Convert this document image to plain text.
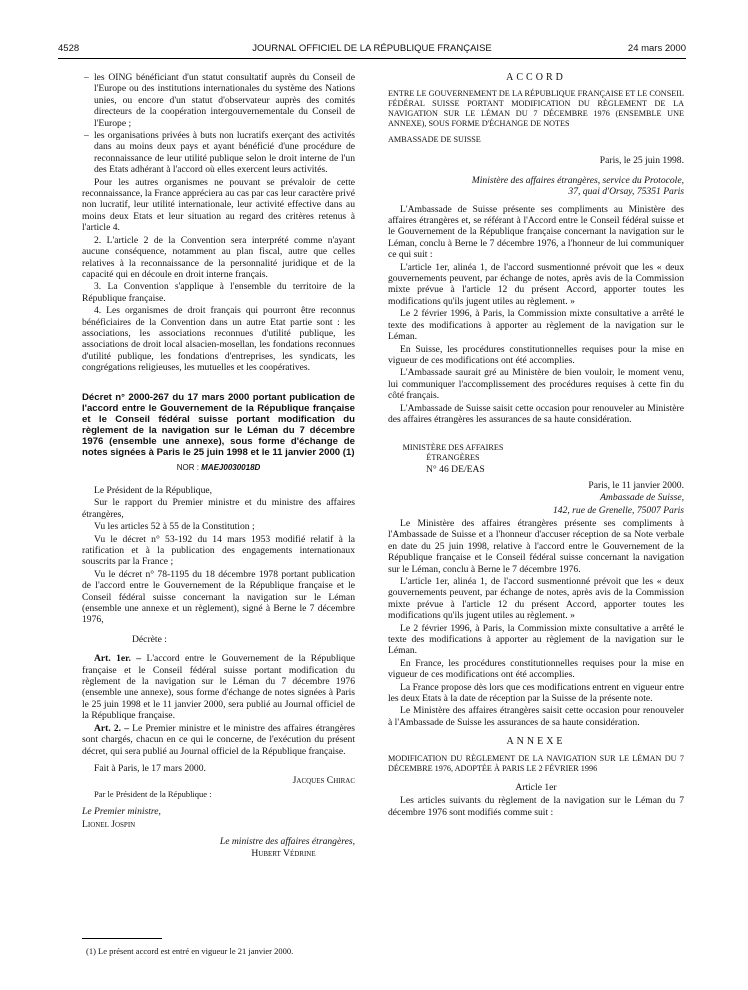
4528	JOURNAL OFFICIEL DE LA RÉPUBLIQUE FRANÇAISE	24 mars 2000

– les OING bénéficiant d'un statut consultatif auprès du Conseil de l'Europe ou des institutions internationales du système des Nations unies, ou encore d'un statut d'observateur auprès des comités directeurs de la coopération intergouvernementale du Conseil de l'Europe ;

– les organisations privées à buts non lucratifs exerçant des activités dans au moins deux pays et ayant bénéficié d'une procédure de reconnaissance de leur utilité publique selon le droit interne de l'un des Etats adhérant à l'accord où elles exercent leurs activités.

Pour les autres organismes ne pouvant se prévaloir de cette reconnaissance, la France appréciera au cas par cas leur caractère privé non lucratif, leur utilité internationale, leur activité effective dans au moins deux Etats et leur situation au regard des critères retenus à l'article 4.

2. L'article 2 de la Convention sera interprété comme n'ayant aucune conséquence, notamment au plan fiscal, autre que celles relatives à la reconnaissance de la personnalité juridique et de la capacité qui en découle en droit interne français.

3. La Convention s'applique à l'ensemble du territoire de la République française.

4. Les organismes de droit français qui pourront être reconnus bénéficiaires de la Convention dans un autre Etat partie sont : les associations, les associations reconnues d'utilité publique, les associations de droit local alsacien-mosellan, les fondations reconnues d'utilité publique, les fondations d'entreprises, les syndicats, les congrégations religieuses, les mutuelles et les coopératives.

Décret n° 2000-267 du 17 mars 2000 portant publication de l'accord entre le Gouvernement de la République française et le Conseil fédéral suisse portant modification du règlement de la navigation sur le Léman du 7 décembre 1976 (ensemble une annexe), sous forme d'échange de notes signées à Paris le 25 juin 1998 et le 11 janvier 2000 (1)
NOR : MAEJ0030018D

Le Président de la République,

Sur le rapport du Premier ministre et du ministre des affaires étrangères,

Vu les articles 52 à 55 de la Constitution ;

Vu le décret n° 53-192 du 14 mars 1953 modifié relatif à la ratification et à la publication des engagements internationaux souscrits par la France ;

Vu le décret n° 78-1195 du 18 décembre 1978 portant publication de l'accord entre le Gouvernement de la République française et le Conseil fédéral suisse concernant la navigation sur le Léman (ensemble une annexe et un règlement), signé à Berne le 7 décembre 1976,

Décrète :

Art. 1er. – L'accord entre le Gouvernement de la République française et le Conseil fédéral suisse portant modification du règlement de la navigation sur le Léman du 7 décembre 1976 (ensemble une annexe), sous forme d'échange de notes signées à Paris le 25 juin 1998 et le 11 janvier 2000, sera publié au Journal officiel de la République française.

Art. 2. – Le Premier ministre et le ministre des affaires étrangères sont chargés, chacun en ce qui le concerne, de l'exécution du présent décret, qui sera publié au Journal officiel de la République française.

Fait à Paris, le 17 mars 2000.

Jacques Chirac

Par le Président de la République :

Le Premier ministre,

Lionel Jospin

Le ministre des affaires étrangères,

Hubert Védrine

(1) Le présent accord est entré en vigueur le 21 janvier 2000.

ACCORD

ENTRE LE GOUVERNEMENT DE LA RÉPUBLIQUE FRANÇAISE ET LE CONSEIL FÉDÉRAL SUISSE PORTANT MODIFICATION DU RÈGLEMENT DE LA NAVIGATION SUR LE LÉMAN DU 7 DÉCEMBRE 1976 (ENSEMBLE UNE ANNEXE), SOUS FORME D'ÉCHANGE DE NOTES

AMBASSADE DE SUISSE

Paris, le 25 juin 1998.

Ministère des affaires étrangères, service du Protocole, 37, quai d'Orsay, 75351 Paris

L'Ambassade de Suisse présente ses compliments au Ministère des affaires étrangères et, se référant à l'Accord entre le Conseil fédéral suisse et le Gouvernement de la République française concernant la navigation sur le Léman, conclu à Berne le 7 décembre 1976, a l'honneur de lui communiquer ce qui suit :

L'article 1er, alinéa 1, de l'accord susmentionné prévoit que les « deux gouvernements peuvent, par échange de notes, après avis de la Commission mixte prévue à l'article 12 du présent Accord, apporter toutes les modifications qu'ils jugent utiles au règlement. »

Le 2 février 1996, à Paris, la Commission mixte consultative a arrêté le texte des modifications à apporter au règlement de la navigation sur le Léman.

En Suisse, les procédures constitutionnelles requises pour la mise en vigueur de ces modifications ont été accomplies.

L'Ambassade saurait gré au Ministère de bien vouloir, le moment venu, lui communiquer l'accomplissement des procédures requises à cette fin du côté français.

L'Ambassade de Suisse saisit cette occasion pour renouveler au Ministère des affaires étrangères les assurances de sa haute considération.

MINISTÈRE DES AFFAIRES ÉTRANGÈRES

N° 46 DE/EAS

Paris, le 11 janvier 2000.

Ambassade de Suisse,

142, rue de Grenelle, 75007 Paris

Le Ministère des affaires étrangères présente ses compliments à l'Ambassade de Suisse et a l'honneur d'accuser réception de sa Note verbale en date du 25 juin 1998, relative à l'accord entre le Gouvernement de la République française et le Conseil fédéral suisse concernant la navigation sur le Léman, conclu à Berne le 7 décembre 1976.

L'article 1er, alinéa 1, de l'accord susmentionné prévoit que les « deux gouvernements peuvent, par échange de notes, après avis de la Commission mixte prévue à l'article 12 du présent Accord, apporter toutes les modifications qu'ils jugent utiles au règlement. »

Le 2 février 1996, à Paris, la Commission mixte consultative a arrêté le texte des modifications à apporter au règlement de la navigation sur le Léman.

En France, les procédures constitutionnelles requises pour la mise en vigueur de ces modifications ont été accomplies.

La France propose dès lors que ces modifications entrent en vigueur entre les deux Etats à la date de réception par la Suisse de la présente note.

Le Ministère des affaires étrangères saisit cette occasion pour renouveler à l'Ambassade de Suisse les assurances de sa haute considération.

ANNEXE

MODIFICATION DU RÈGLEMENT DE LA NAVIGATION SUR LE LÉMAN DU 7 DÉCEMBRE 1976, ADOPTÉE À PARIS LE 2 FÉVRIER 1996

Article 1er

Les articles suivants du règlement de la navigation sur le Léman du 7 décembre 1976 sont modifiés comme suit :
